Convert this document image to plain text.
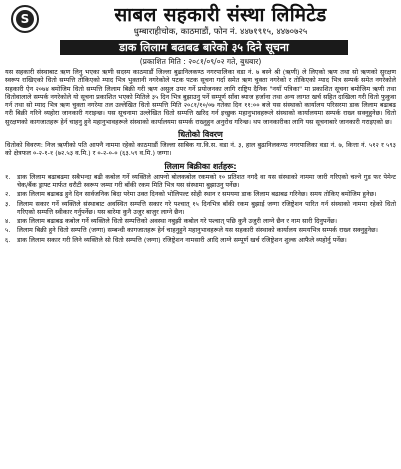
S	साबल सहकारी संस्था लिमिटेड
धुम्बाराहीचोक, काठमाडौं, फोन नं. ४४७१९१५, ४४७०७२५
डाक लिलाम बढाबढ बारेको ३५ दिने सूचना
(प्रकाशित मिति : २०८१/०९/०२ गते, बुधबार)

यस सहकारी संस्थाबाट ऋण लिनु भएका ऋणी सदस्य काठमाडौं जिल्ला बुढानिलकण्ठ नगरपालिका वडा नं. ७ बस्ने श्री (ऋणी) ले लिएको ऋण तथा सो ऋणको सुरक्षण स्वरूप राखिएको धितो सम्पत्ति तोकिएको म्याद भित्र भुक्तानी नगरेकोले पटक पटक सूचना गर्दा समेत ऋण चुक्ता नगरेको र तोकिएको म्याद भित्र सम्पर्क समेत नगरेकोले सहकारी ऐन २०७४ बमोजिम धितो सम्पत्ति लिलाम बिक्री गरी ऋण असुल उपर गर्ने प्रयोजनका लागि राष्ट्रिय दैनिक "नयाँ पत्रिका" मा प्रकाशित सूचना बमोजिम ऋणी तथा धितोवालाले सम्पर्क नगरेकोले यो सूचना प्रकाशित भएको मितिले ३५ दिन भित्र बुझाउनु पर्ने सम्पूर्ण साँवा ब्याज हर्जाना तथा अन्य लागत खर्च सहित दाखिला गरी धितो फुकुवा गर्न तथा सो म्याद भित्र ऋण चुक्ता नगरेमा तल उल्लेखित धितो सम्पत्ति मिति २०८१/१०/०७ गतेका दिन ११:०० बजे यस संस्थाको कार्यालय परिसरमा डाक लिलाम बढाबढ गरी बिक्री गरिने व्यहोरा जानकारी गराइन्छ। यस सूचनामा उल्लेखित धितो सम्पत्ति खरिद गर्न इच्छुक महानुभावहरूले संस्थाको कार्यालयमा सम्पर्क राख्न सक्नुहुनेछ। धितो सुरक्षणको कागजातहरू हेर्न चाहनु हुने महानुभावहरूले संस्थाको कार्यालयमा सम्पर्क राख्नुहुन अनुरोध गरिन्छ। थप जानकारीका लागि यस सूचनाबारे जानकारी गराइएको छ।

धितोको विवरण

धितोको विवरण: निज ऋणीको पति आफ्नै नाममा रहेको काठमाडौं जिल्ला साबिक गा.वि.स. वडा नं. ३, हाल बुढानिलकण्ठ नगरपालिका वडा नं. ७, कित्ता नं. ५१२ र ५९३ को क्षेत्रफल ०-२-१-१ (७२.५३ व.मि.) र ०-२-०-० (६३.५९ व.मि.) जग्गा।

लिलाम बिक्रीका शर्तहरू:
१.	डाक लिलाम बढाबढमा सबैभन्दा बढी कबोल गर्ने व्यक्तिले आफ्नो बोलकबोल रकमको १० प्रतिशत नगदै वा यस संस्थाको नाममा जारी गरिएको चल्ने गुड फर पेमेन्ट चेक/बैंक ड्राफ्ट मार्फत धरौटी स्वरूप जम्मा गरी बाँकी रकम मिति भित्र यस संस्थामा बुझाउनु पर्नेछ।
२.	डाक लिलाम बढाबढ हुने दिन सार्वजनिक बिदा परेमा उक्त दिनको भोलिपल्ट सोही स्थान र समयमा डाक लिलाम बढाबढ गरिनेछ। समय तोकिए बमोजिम हुनेछ।
३.	लिलाम सकार गर्ने व्यक्तिले संस्थाबाट अवस्थित सम्पत्ति सकार गरे पश्चात् १५ दिनभित्र बाँकी रकम बुझाई जग्गा रजिष्ट्रेशन पारित गर्न संस्थाको नाममा रहेको धितो गरिएको सम्पत्ति स्वीकार गर्नुपर्नेछ। यस बारेमा कुनै उजुर बाजुर लाग्ने छैन।
४.	डाक लिलाम बढाबढ कबोल गर्ने व्यक्तिले धितो सम्पत्तिको अवस्था नबुझी कबोल गरे पश्चात् पछि कुनै उजुरी लाग्ने छैन र नाम सारी दिनुपर्नेछ।
५.	लिलाम बिक्री हुने धितो सम्पत्ति (जग्गा) सम्बन्धी कागजातहरू हेर्न चाहनुहुने महानुभावहरूले यस सहकारी संस्थाको कार्यालय समयभित्र सम्पर्क राख्न सक्नुहुनेछ।
६.	डाक लिलाम सकार गरी लिने व्यक्तिले सो धितो सम्पत्ति (जग्गा) रजिष्ट्रेशन नामसारी आदि लाग्ने सम्पूर्ण खर्च रजिष्ट्रेशन शुल्क आफैले व्यहोर्नु पर्नेछ।
